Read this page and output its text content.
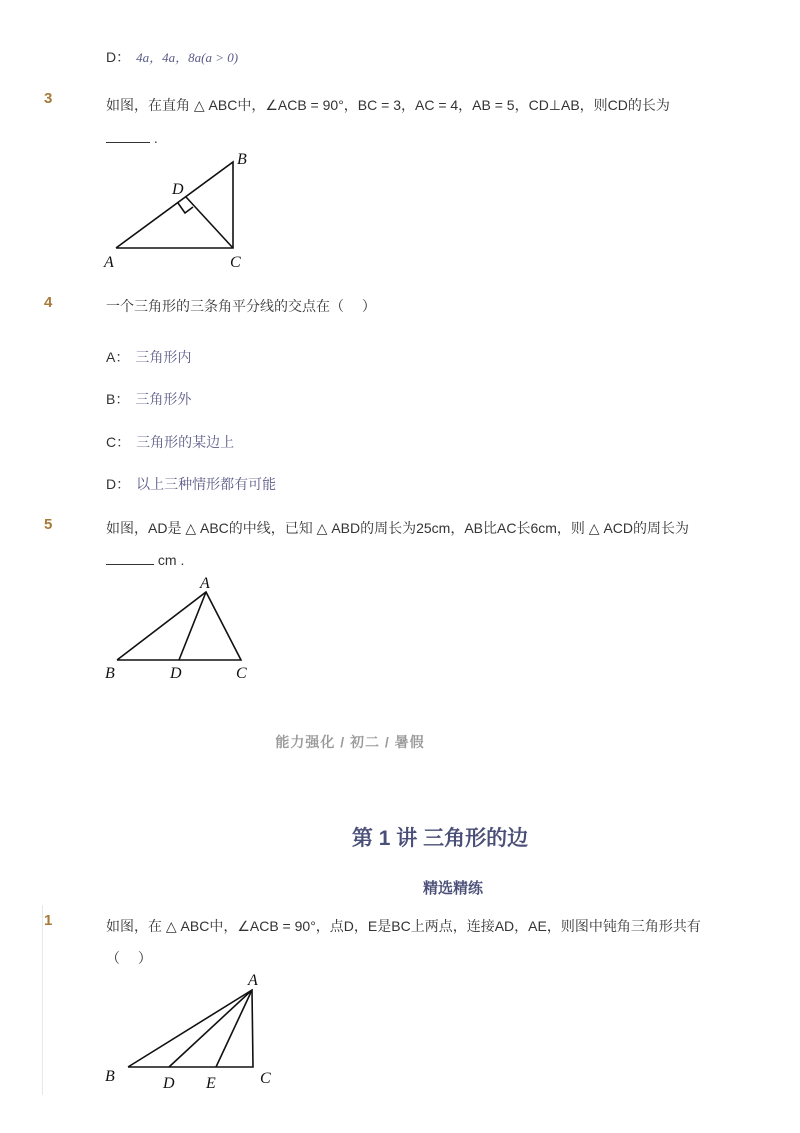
D： 4a，4a，8a(a > 0)
3	如图，在直角 △ ABC中，∠ACB = 90°，BC = 3，AC = 4，AB = 5，CD⊥AB，则CD的长为
.
A
B
C
D
4	一个三角形的三条角平分线的交点在（　 ）
A： 三角形内
B： 三角形外
C： 三角形的某边上
D： 以上三种情形都有可能
5	如图，AD是 △ ABC的中线，已知 △ ABD的周长为25cm，AB比AC长6cm，则 △ ACD的周长为
cm .
A
B	D	C
能力强化 / 初二 / 暑假
第 1 讲 三角形的边
精选精练
1	如图，在 △ ABC中，∠ACB = 90°，点D，E是BC上两点，连接AD，AE，则图中钝角三角形共有
（　 ）
A
B	D E	C
